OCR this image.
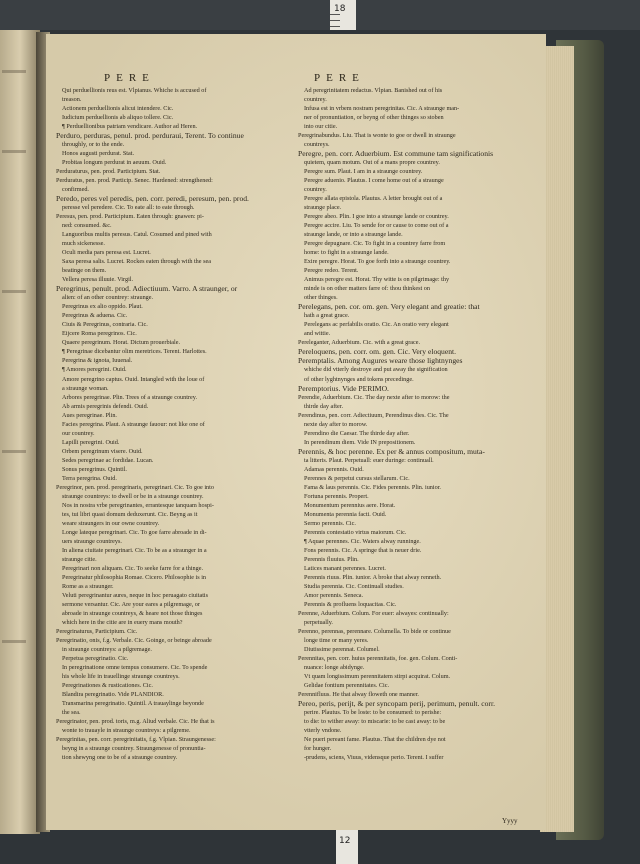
18
12
PERE	PERE
Qui perduellionis reus est. Vlpianus. Whiche is accused of
treason.
Actionem perduellionis alicui intendere. Cic.
Iudicium perduellionis ab aliquo tollere. Cic.
¶ Perduellionibus patriam vendicare. Author ad Heren.
Perduro, perduras, penul. prod. perduraui, Terent. To continue
throughly, or to the ende.
Honos augusti perdurat. Stat.
Probitas longum perdurat in aeuum. Ouid.
Perduraturus, pen. prod. Participium. Stat.
Perduratus, pen. prod. Particip. Senec. Hardened: strengthened:
confirmed.
Peredo, peres vel peredis, pen. corr. peredi, peresum, pen. prod.
peresse vel peredere. Cic. To eate all: to eate through.
Peresus, pen. prod. Participium. Eaten through: gnawen: pi-
ned: consumed. &c.
Languoribus multis peresus. Catul. Cosumed and pined with
much sickenesse.
Oculi media pars peresa est. Lucret.
Saxa peresa salis. Lucret. Rockes eaten through with the sea
beatinge on them.
Vellera peresa illuuie. Virgil.
Peregrinus, penult. prod. Adiectiuum. Varro. A straunger, or
alien: of an other countrey: straunge.
Peregrinus ex alio oppido. Plaut.
Peregrinus & aduena. Cic.
Ciuis & Peregrinus, contraria. Cic.
Eijcere Roma peregrinos. Cic.
Quaere peregrinum. Horat. Dictum prouerbiale.
¶ Peregrinae dicebantur olim meretrices. Terent. Harlottes.
Peregrina & ignota, Iuuenal.
¶ Amores peregrini. Ouid.
Amore peregrino captus. Ouid. Intangled with the loue of
a straunge woman.
Arbores peregrinae. Plin. Trees of a straunge countrey.
Ab armis peregrinis defendi. Ouid.
Aues peregrinae. Plin.
Facies peregrina. Plaut. A straunge fauour: not like one of
our countrey.
Lapilli peregrini. Ouid.
Orbem peregrinum visere. Ouid.
Sedes peregrinae ac fordidae. Lucan.
Sonus peregrinus. Quintil.
Terra peregrina. Ouid.
Peregrinor, pen. prod. peregrinaris, peregrinari. Cic. To goe into
straunge countreys: to dwell or be in a straunge countrey.
Nos in nostra vrbe peregrinantes, errantesque tanquam hospi-
tes, tui libri quasi domum deduxerunt. Cic. Beyng as it
weare straungers in our owne countrey.
Longe lateque peregrinari. Cic. To goe farre abroade in di-
uers straunge countreys.
In aliena ciuitate peregrinari. Cic. To be as a straunger in a
straunge citie.
Peregrinari non aliquam. Cic. To seeke farre for a thinge.
Peregrinatur philosophia Romae. Cicero. Philosophie is in
Rome as a straunger.
Veluti peregrinantur aures, neque in hoc peruagato ciuitatis
sermone versantur. Cic. Are your eares a pilgremage, or
abroade in straunge countreys, & heare not those thinges
which here in the citie are in euery mans mouth?
Peregrinaturus, Participium. Cic.
Peregrinatio, onis, f.g. Verbale. Cic. Goinge, or beinge abroade
in straunge countreys: a pilgremage.
Perpetua peregrinatio. Cic.
In peregrinatione omne tempus consumere. Cic. To spende
his whole life in trauellinge straunge countreys.
Peregrinationes & rusticationes. Cic.
Blandira peregrinatio. Vide PLANDIOR.
Transmarina peregrinatio. Quintil. A trauaylinge beyonde
the sea.
Peregrinator, pen. prod. toris, m.g. Aliud verbale. Cic. He that is
wonte to trauayle in straunge countreys: a pilgreme.
Peregrinitas, pen. corr. peregrinitatis, f.g. Vlpian. Straungenesse:
beyng in a straunge countrey. Straungenesse of pronuntia-
tion shewyng one to be of a straunge countrey.
Ad peregrinitatem redactus. Vlpian. Banished out of his
countrey.
Infusa est in vrbem nostram peregrinitas. Cic. A straunge man-
ner of pronuntiation, or beyng of other thinges so stoben
into our citie.
Peregrinabundus. Liu. That is wonte to goe or dwell in straunge
countreys.
Peregre, pen. corr. Aduerbium. Est commune tam significationis
quietem, quam motum. Out of a mans propre countrey.
Peregre sum. Plaut. I am in a straunge countrey.
Peregre aduenio. Plautus. I come home out of a straunge
countrey.
Peregre allata epistola. Plautus. A letter brought out of a
straunge place.
Peregre abeo. Plin. I goe into a straunge lande or countrey.
Peregre accire. Liu. To sende for or cause to come out of a
straunge lande, or into a straunge lande.
Peregre depugnare. Cic. To fight in a countrey farre from
home: to fight in a straunge lande.
Exire peregre. Horat. To goe forth into a straunge countrey.
Peregre redeo. Terent.
Animus peregre est. Horat. Thy witte is on pilgrimage: thy
minde is on other matters farre of: thou thinkest on
other thinges.
Perelegans, pen. cor. om. gen. Very elegant and greatie: that
hath a great grace.
Perelegans ac perfabilis oratio. Cic. An oratio very elegant
and wittie.
Pereleganter, Aduerbium. Cic. with a great grace.
Pereloquens, pen. corr. om. gen. Cic. Very eloquent.
Peremptalis. Among Augures weare those lightnynges
whiche did vtterly destroye and put away the signification
of other lyghtnynges and tokens precedinge.
Peremptorius. Vide PERIMO.
Perendie, Aduerbium. Cic. The day nexte after to morow: the
thirde day after.
Perendinus, pen. corr. Adiectiuum, Perendinus dies. Cic. The
nexte day after to morow.
Perendino die Caesar. The thirde day after.
In perendinum diem. Vide IN prepositionem.
Perennis, & hoc perenne. Ex per & annus compositum, muta-
ta litteris. Plaut. Perpetuall: euer duringe: continuall.
Adamas perennis. Ouid.
Perennes & perpetui cursus stellarum. Cic.
Fama & laus perennis. Cic. Fides perennis. Plin. iunior.
Fortuna perennis. Propert.
Monumentum perennius aere. Horat.
Monumenta perennia facti. Ouid.
Sermo perennis. Cic.
Perennis contestatio virtus maiorum. Cic.
¶ Aquae perennes. Cic. Waters alway runninge.
Fons perennis. Cic. A springe that is neuer drie.
Perennis fluuius. Plin.
Latices manant perennes. Lucret.
Perennis riuus. Plin. iunior. A broke that alway renneth.
Studia perennia. Cic. Continuall studies.
Amor perennis. Seneca.
Perennis & profluens loquacitas. Cic.
Perenne, Aduerbium. Colum. For euer: alwayes: continually:
perpetually.
Perenno, perennas, perennare. Columella. To bide or continue
longe time or many yeres.
Diutissime perennat. Columel.
Perennitas, pen. corr. huius perennitatis, foe. gen. Colum. Conti-
nuance: longe abidynge.
Vt quam longissimum perennitatem stirpi acquirat. Colum.
Gelidae fontium perennitates. Cic.
Perennifluus. He that alway floweth one manner.
Pereo, peris, perijt, & per syncopam perij, perimum, penult. corr.
perire. Plautus. To be loste: to be consumed: to perishe:
to die: to wither away: to miscarie: to be cast away: to be
vtterly vndone.
Ne pueri pereant fame. Plautus. That the children dye not
for hunger.
-prudens, sciens, Viuus, vidensque perio. Terent. I suffer
Yyyy
